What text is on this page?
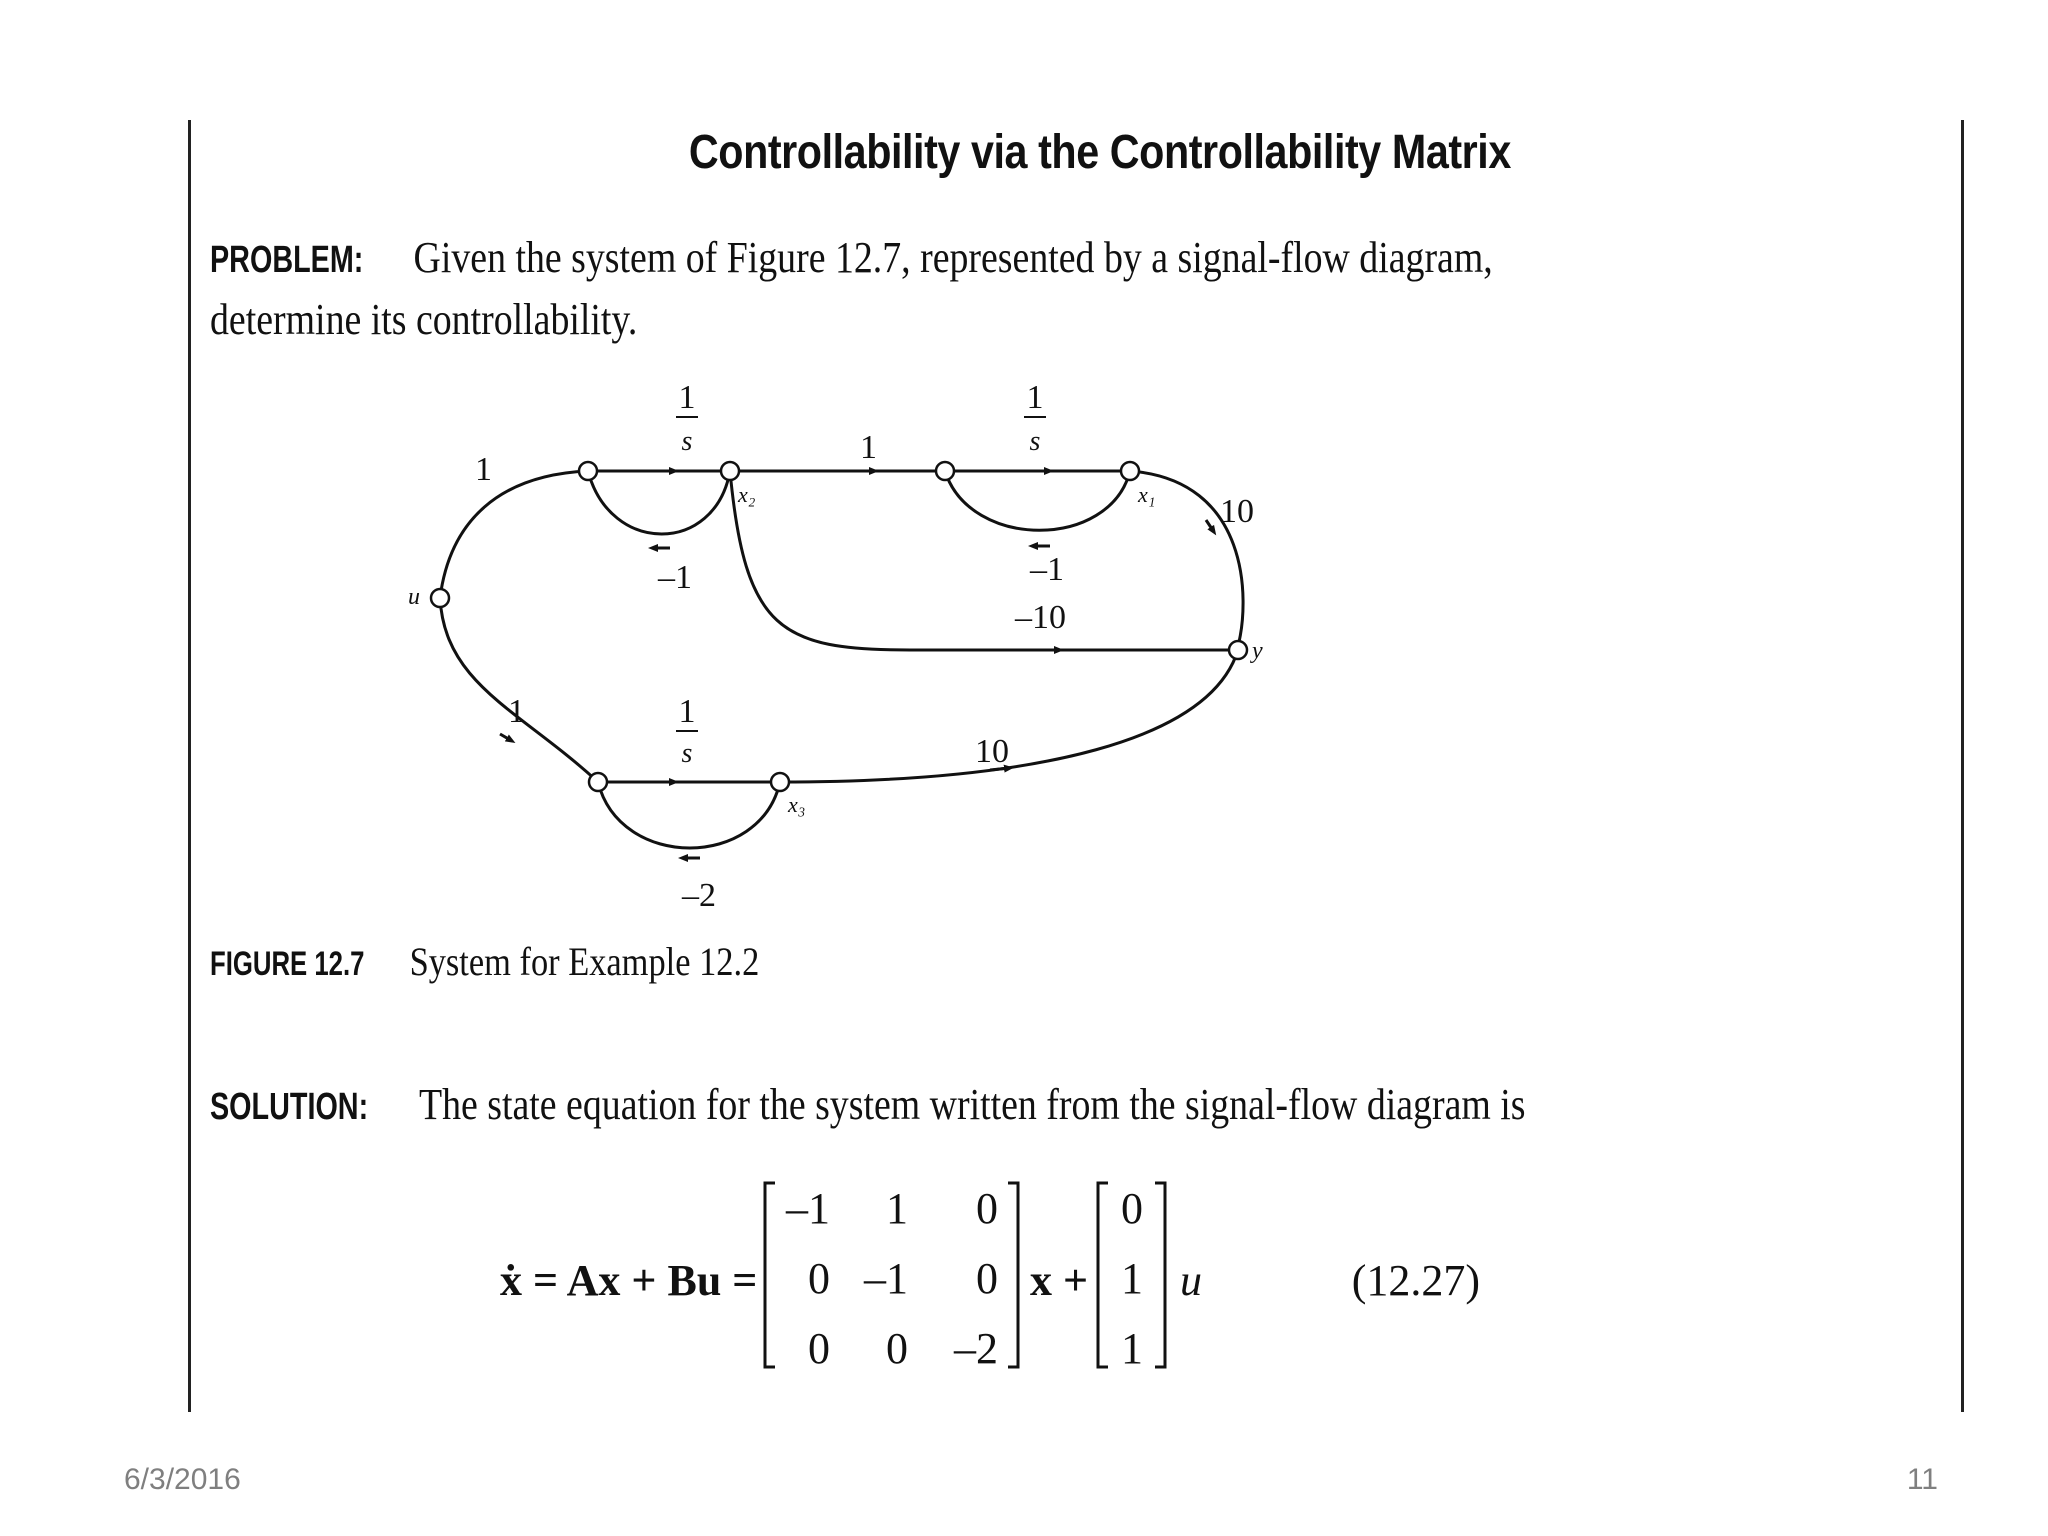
Controllability via the Controllability Matrix
PROBLEM: Given the system of Figure 12.7, represented by a signal-flow diagram,
determine its controllability.
1
s
1
s
1
s
1
1
1
10
10
–1	–1
–10
–2
u
y
x₁
x₂
x₃
FIGURE 12.7 System for Example 12.2
SOLUTION: The state equation for the system written from the signal-flow diagram is
ẋ = Ax + Bu =
–1 1 0
0 –1 0
0 0 –2
x +
0
1
1
u	(12.27)
6/3/2016	11
